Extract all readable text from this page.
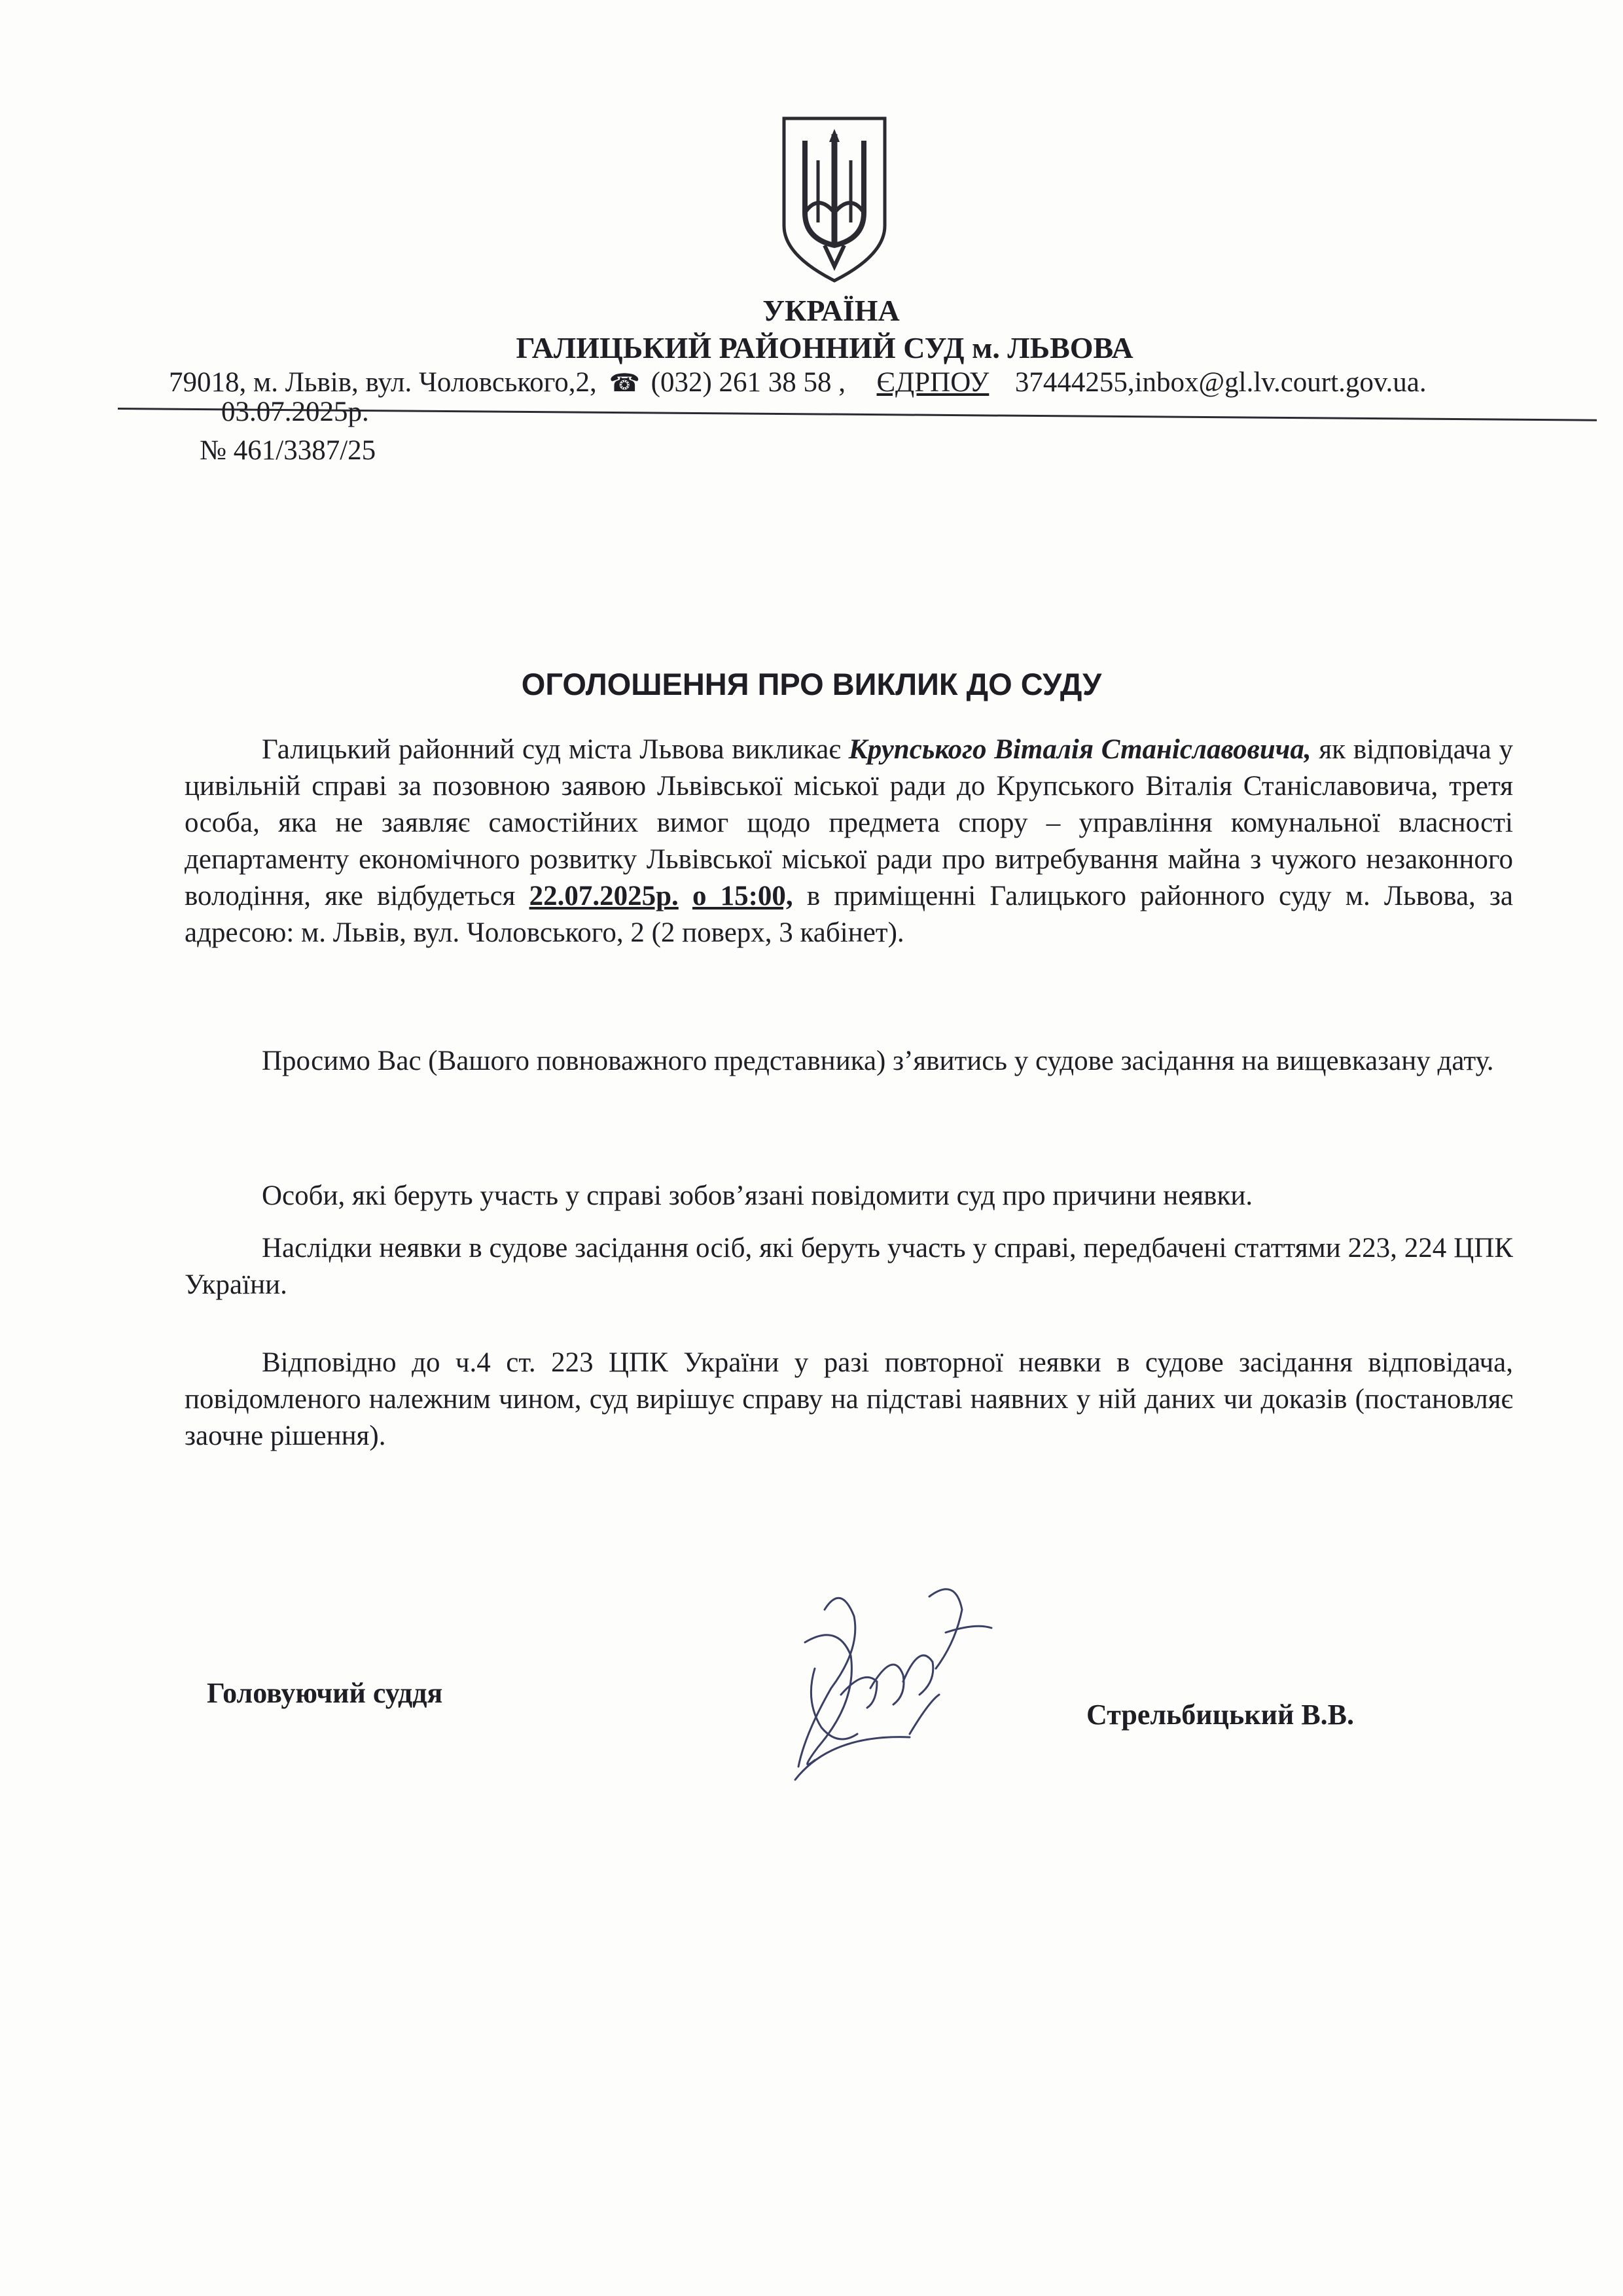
УКРАЇНА
ГАЛИЦЬКИЙ РАЙОННИЙ СУД м. ЛЬВОВА
79018, м. Львів, вул. Чоловського,2, ☎ (032) 261 38 58 , ЄДРПОУ 37444255,inbox@gl.lv.court.gov.ua.
03.07.2025р.
№ 461/3387/25
ОГОЛОШЕННЯ ПРО ВИКЛИК ДО СУДУ

Галицький районний суд міста Львова викликає Крупського Віталія Станіславовича, як відповідача у цивільній справі за позовною заявою Львівської міської ради до Крупського Віталія Станіславовича, третя особа, яка не заявляє самостійних вимог щодо предмета спору – управління комунальної власності департаменту економічного розвитку Львівської міської ради про витребування майна з чужого незаконного володіння, яке відбудеться 22.07.2025р. о 15:00, в приміщенні Галицького районного суду м. Львова, за адресою: м. Львів, вул. Чоловського, 2 (2 поверх, 3 кабінет).

Просимо Вас (Вашого повноважного представника) з’явитись у судове засідання на вищевказану дату.

Особи, які беруть участь у справі зобов’язані повідомити суд про причини неявки.

Наслідки неявки в судове засідання осіб, які беруть участь у справі, передбачені статтями 223, 224 ЦПК України.

Відповідно до ч.4 ст. 223 ЦПК України у разі повторної неявки в судове засідання відповідача, повідомленого належним чином, суд вирішує справу на підставі наявних у ній даних чи доказів (постановляє заочне рішення).

Головуючий суддя
Стрельбицький В.В.
